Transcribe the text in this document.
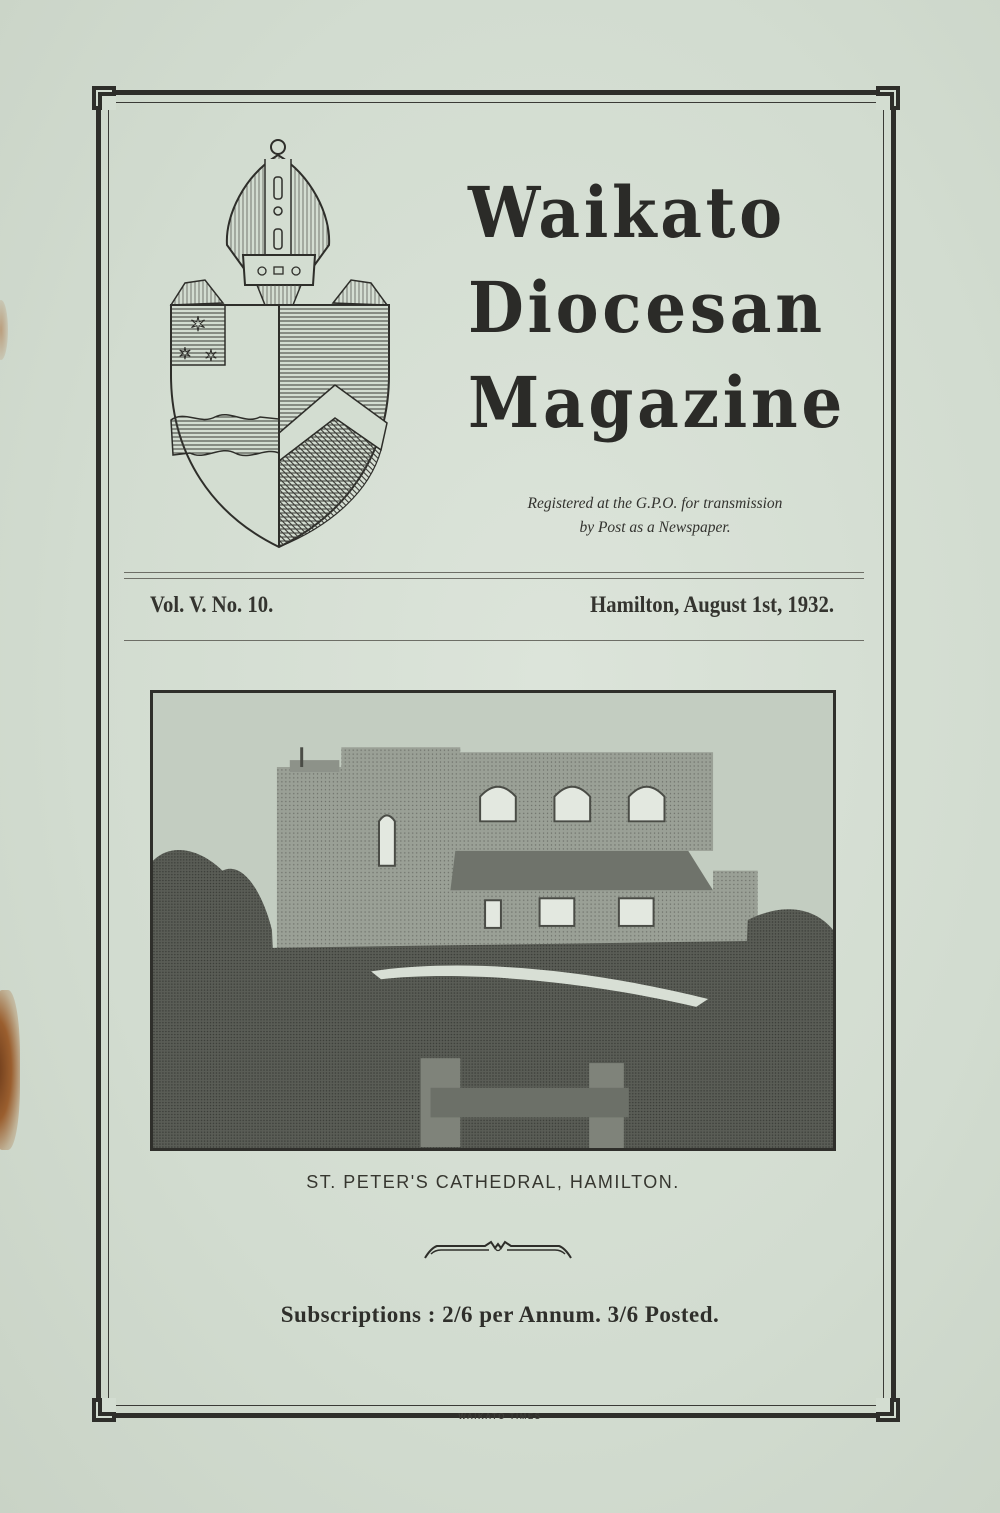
✶
✶ ✶
Waikato
Diocesan
Magazine
Registered at the G.P.O. for transmission
by Post as a Newspaper.
Vol. V. No. 10.	Hamilton, August 1st, 1932.
ST. PETER'S CATHEDRAL, HAMILTON.
Subscriptions : 2/6 per Annum. 3/6 Posted.
WAIKATO TIMES
